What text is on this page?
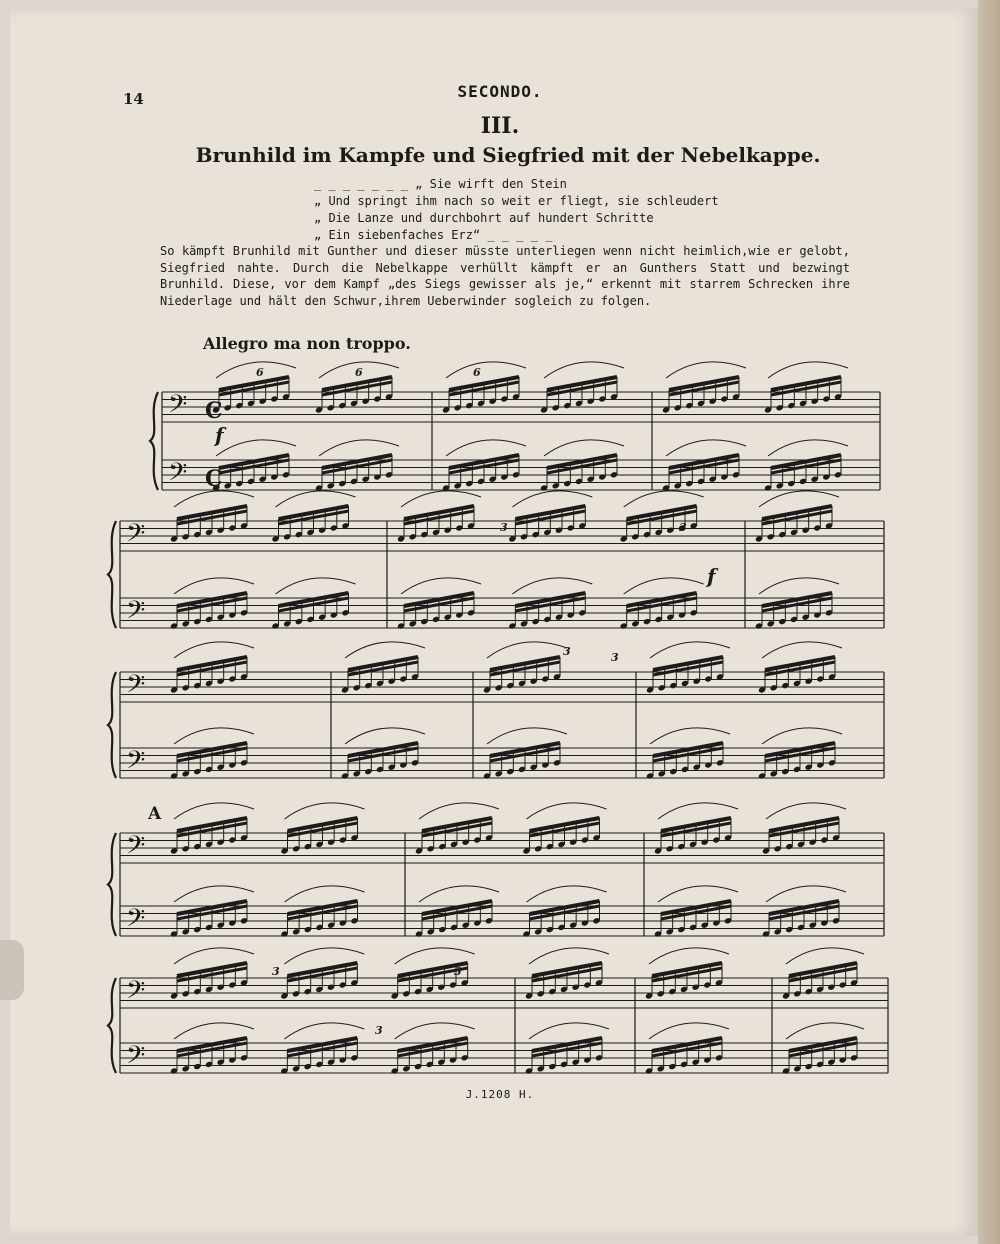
14	SECONDO.
III.
Brunhild im Kampfe und Siegfried mit der Nebelkappe.
_ _ _ _ _ _ _ „ Sie wirft den Stein
„ Und springt ihm nach so weit er fliegt, sie schleudert
„ Die Lanze und durchbohrt auf hundert Schritte
„ Ein siebenfaches Erz“ _ _ _ _ _
So kämpft Brunhild mit Gunther und dieser müsste unterliegen wenn nicht heimlich,wie er gelobt, Siegfried nahte. Durch die Nebelkappe verhüllt kämpft er an Gunthers Statt und bezwingt Brunhild. Diese, vor dem Kampf „des Siegs gewisser als je,“ erkennt mit starrem Schrecken ihre Niederlage und hält den Schwur,ihrem Ueberwinder sogleich zu folgen.
Allegro ma non troppo.
A
J.1208 H.
𝄢
𝄢
𝄢
𝄢
𝄢
𝄢
𝄢
𝄢
𝄢
𝄢
C
C
f
f
6	6	6
3	3
3	3
3	3
3
